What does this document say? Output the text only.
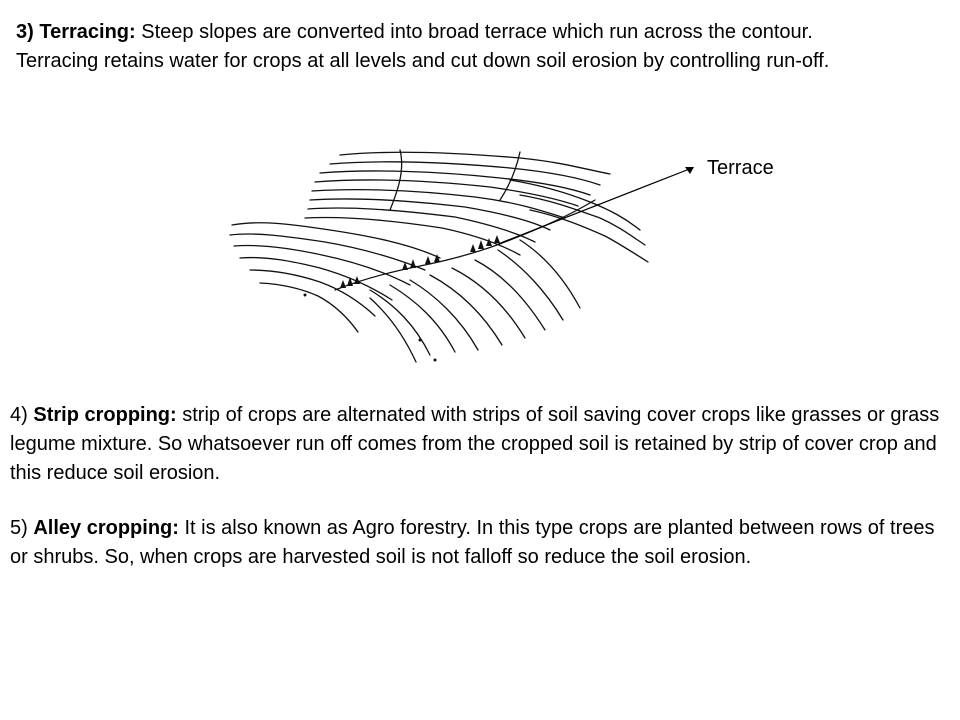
3) Terracing: Steep slopes are converted into broad terrace which run across the contour. Terracing retains water for crops at all levels and cut down soil erosion by controlling run-off.

Terrace

4) Strip cropping: strip of crops are alternated with strips of soil saving cover crops like grasses or grass legume mixture. So whatsoever run off comes from the cropped soil is retained by strip of cover crop and this reduce soil erosion.

5) Alley cropping: It is also known as Agro forestry. In this type crops are planted between rows of trees or shrubs. So, when crops are harvested soil is not falloff so reduce the soil erosion.
